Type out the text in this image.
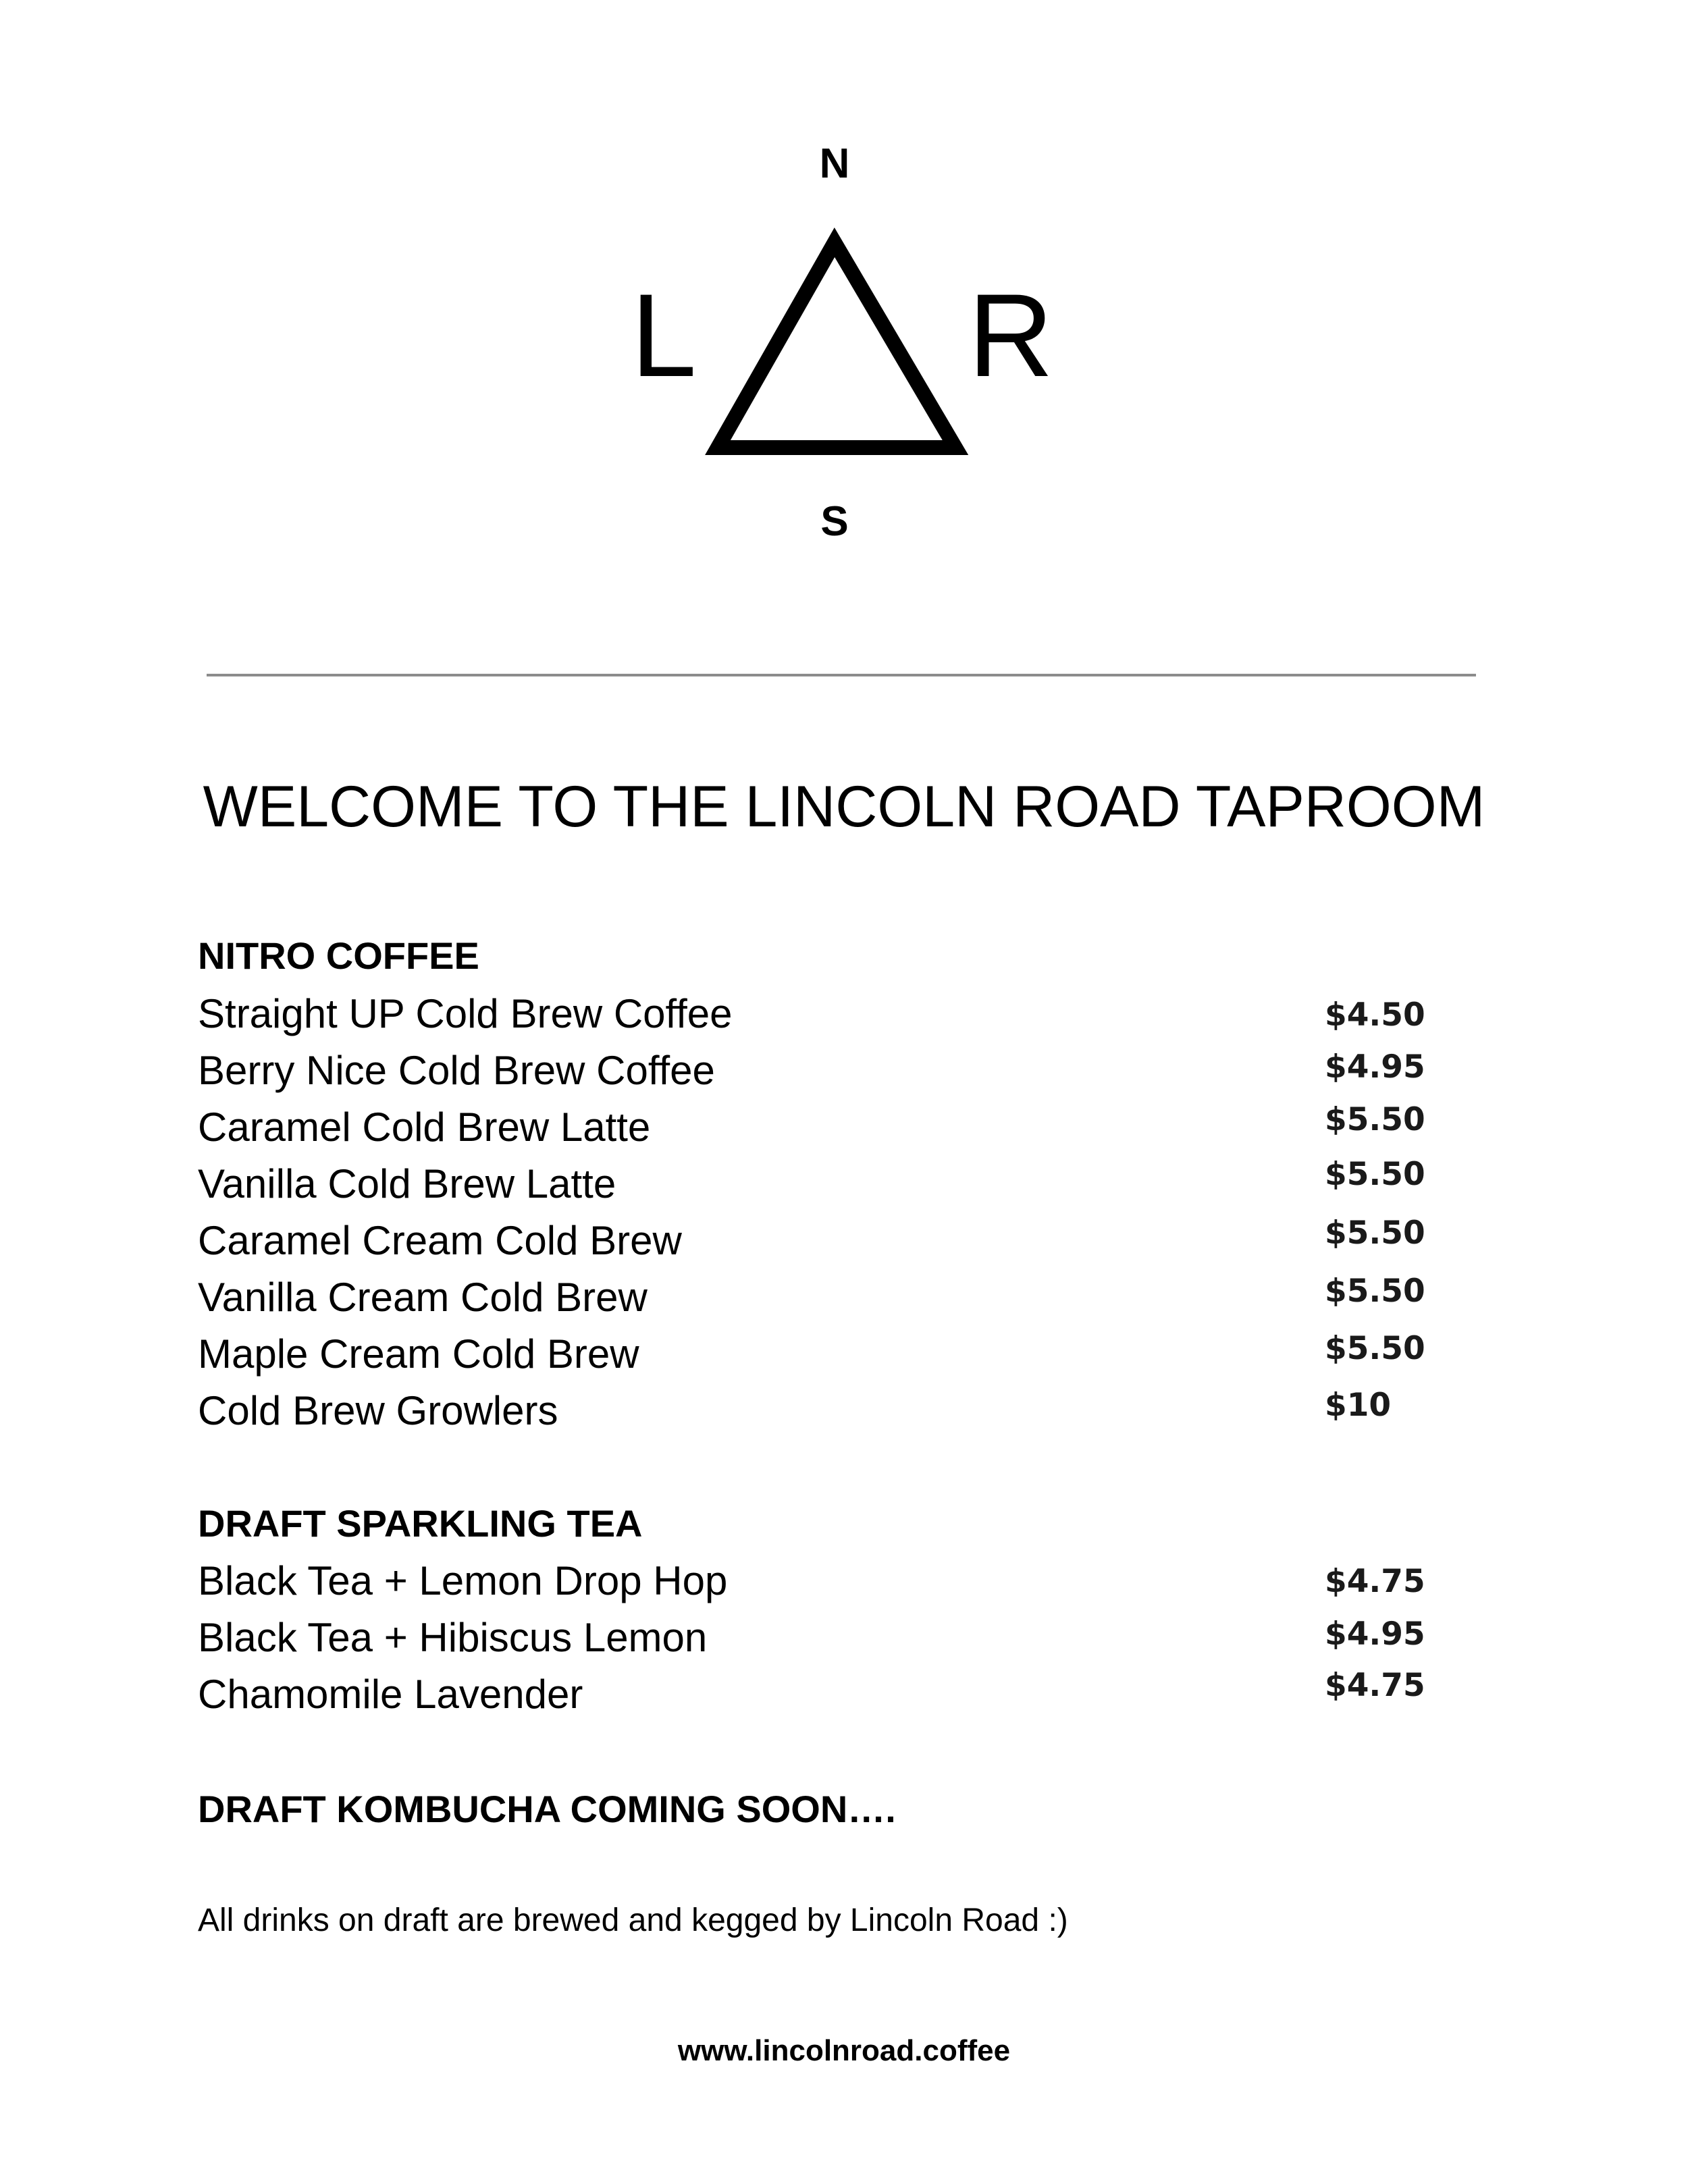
N
L R
S
WELCOME TO THE LINCOLN ROAD TAPROOM
NITRO COFFEE
Straight UP Cold Brew Coffee	$4.50
Berry Nice Cold Brew Coffee	$4.95
Caramel Cold Brew Latte	$5.50
Vanilla Cold Brew Latte	$5.50
Caramel Cream Cold Brew	$5.50
Vanilla Cream Cold Brew	$5.50
Maple Cream Cold Brew	$5.50
Cold Brew Growlers	$10
DRAFT SPARKLING TEA
Black Tea + Lemon Drop Hop	$4.75
Black Tea + Hibiscus Lemon	$4.95
Chamomile Lavender	$4.75
DRAFT KOMBUCHA COMING SOON….
All drinks on draft are brewed and kegged by Lincoln Road :)
www.lincolnroad.coffee
